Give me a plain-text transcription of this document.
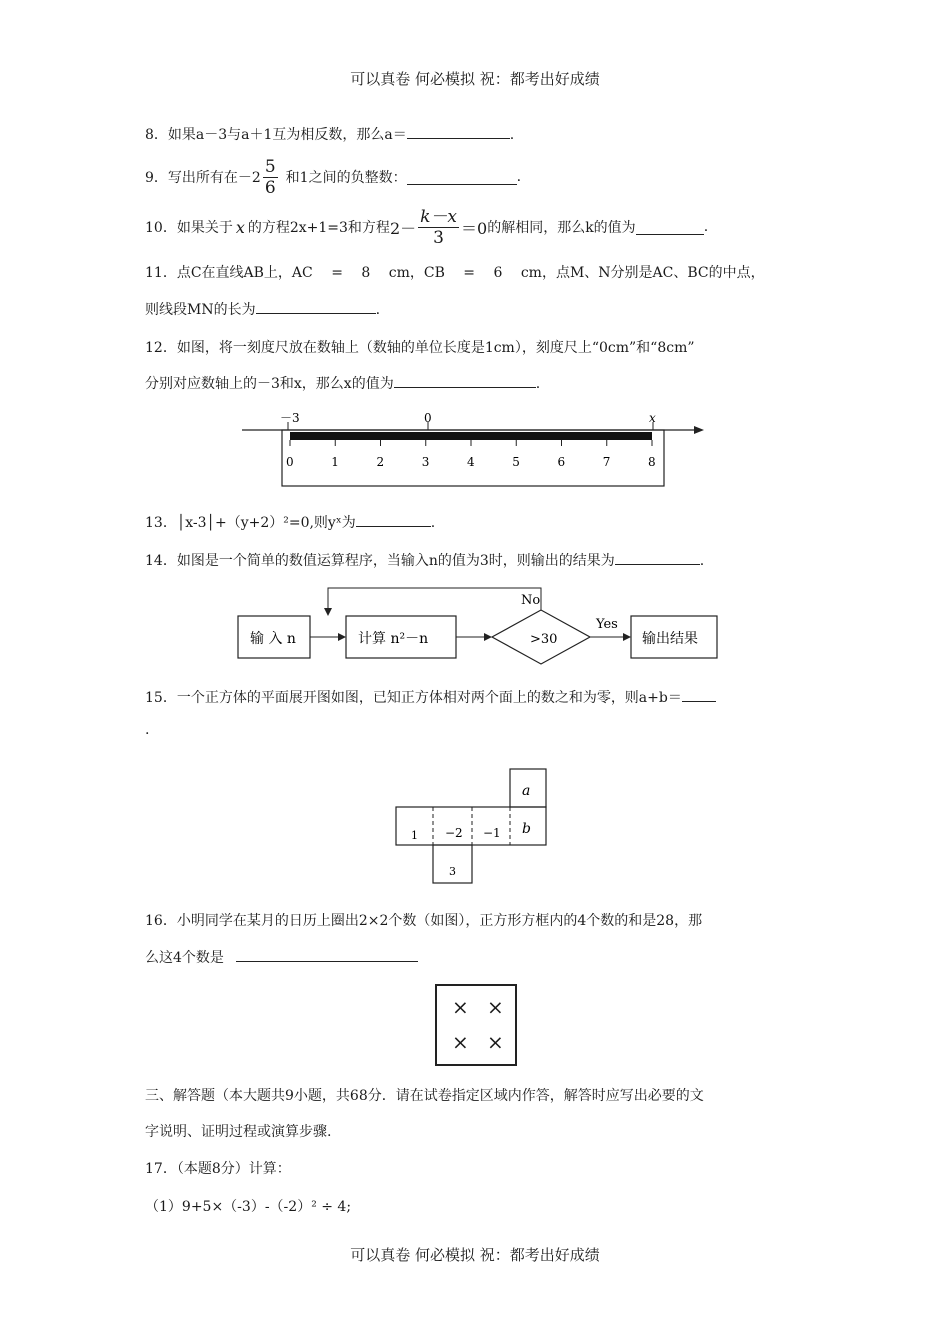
可以真卷 何必模拟 祝：都考出好成绩
8．如果a－3与a＋1互为相反数，那么a＝	.
9．写出所有在$-2 \frac{5}{6}$ 和1之间的负整数：	.
10．如果关于 x 的方程2x+1=3和方程 $2- \frac{k-x}{3} =0$ 的解相同，那么k的值为	.
11．点C在直线AB上，AC　 =　 8　 cm，CB　 =　 6　 cm，点M、N分别是AC、BC的中点，
则线段MN的长为	.
12．如图，将一刻度尺放在数轴上（数轴的单位长度是1cm），刻度尺上“0cm”和“8cm”
分别对应数轴上的－3和x，那么x的值为	.
－3	0	x
0	1	2	3	4	5	6	7	8
13．│x-3│+（y+2）²=0,则yˣ为	.
14．如图是一个简单的数值运算程序，当输入n的值为3时，则输出的结果为	.
输 入 n	计算 n²－n	>30
No
Yes
输出结果
15．一个正方体的平面展开图如图，已知正方体相对两个面上的数之和为零，则a+b＝
.
1 −2 −1 b
a
3
16．小明同学在某月的日历上圈出2×2个数（如图），正方形方框内的4个数的和是28，那
么这4个数是
× ×
× ×
三、解答题（本大题共9小题，共68分．请在试卷指定区域内作答，解答时应写出必要的文
字说明、证明过程或演算步骤.
17．（本题8分）计算：
（1）9+5×（-3）-（-2）² ÷ 4;
可以真卷 何必模拟 祝：都考出好成绩
